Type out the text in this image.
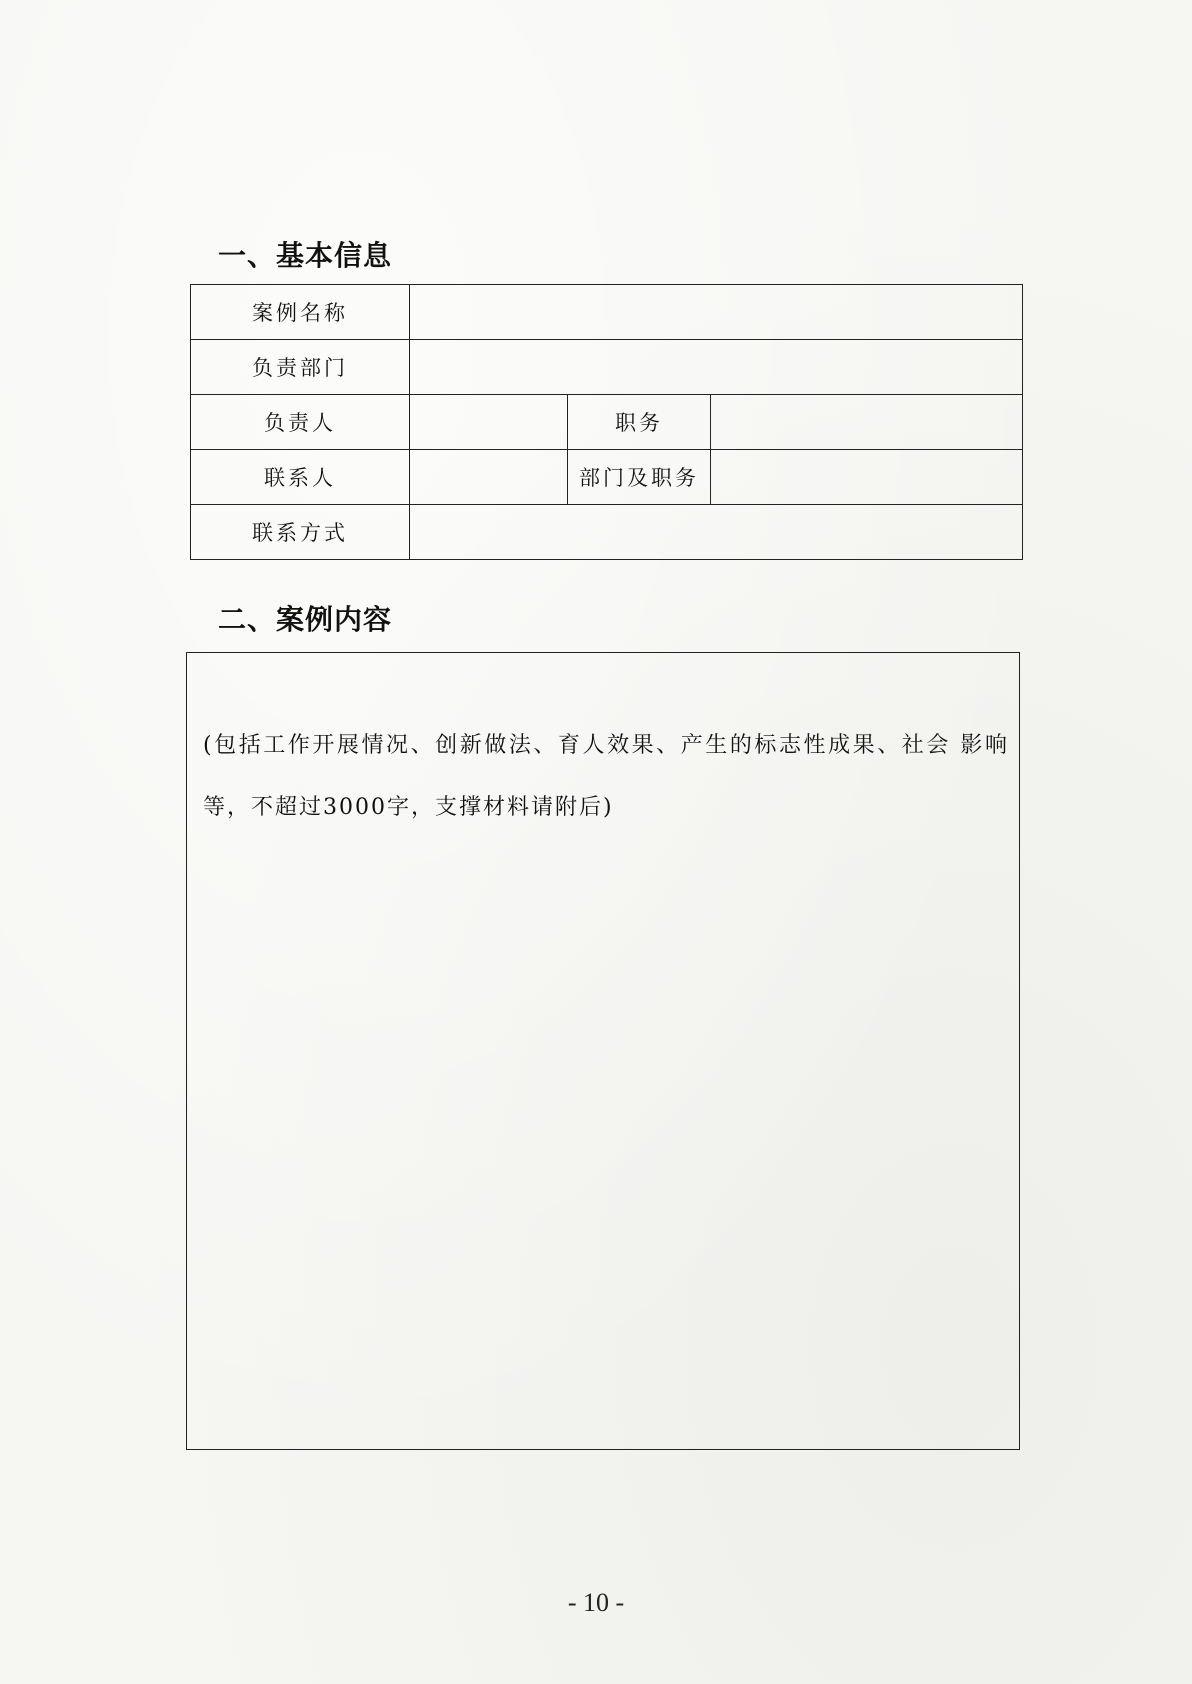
一、基本信息
案例名称			
负责部门			
负责人		职务	
联系人		部门及职务	
联系方式			
二、案例内容
(包括工作开展情况、创新做法、育人效果、产生的标志性成果、社会 影响等，不超过3000字，支撑材料请附后)
- 10 -
